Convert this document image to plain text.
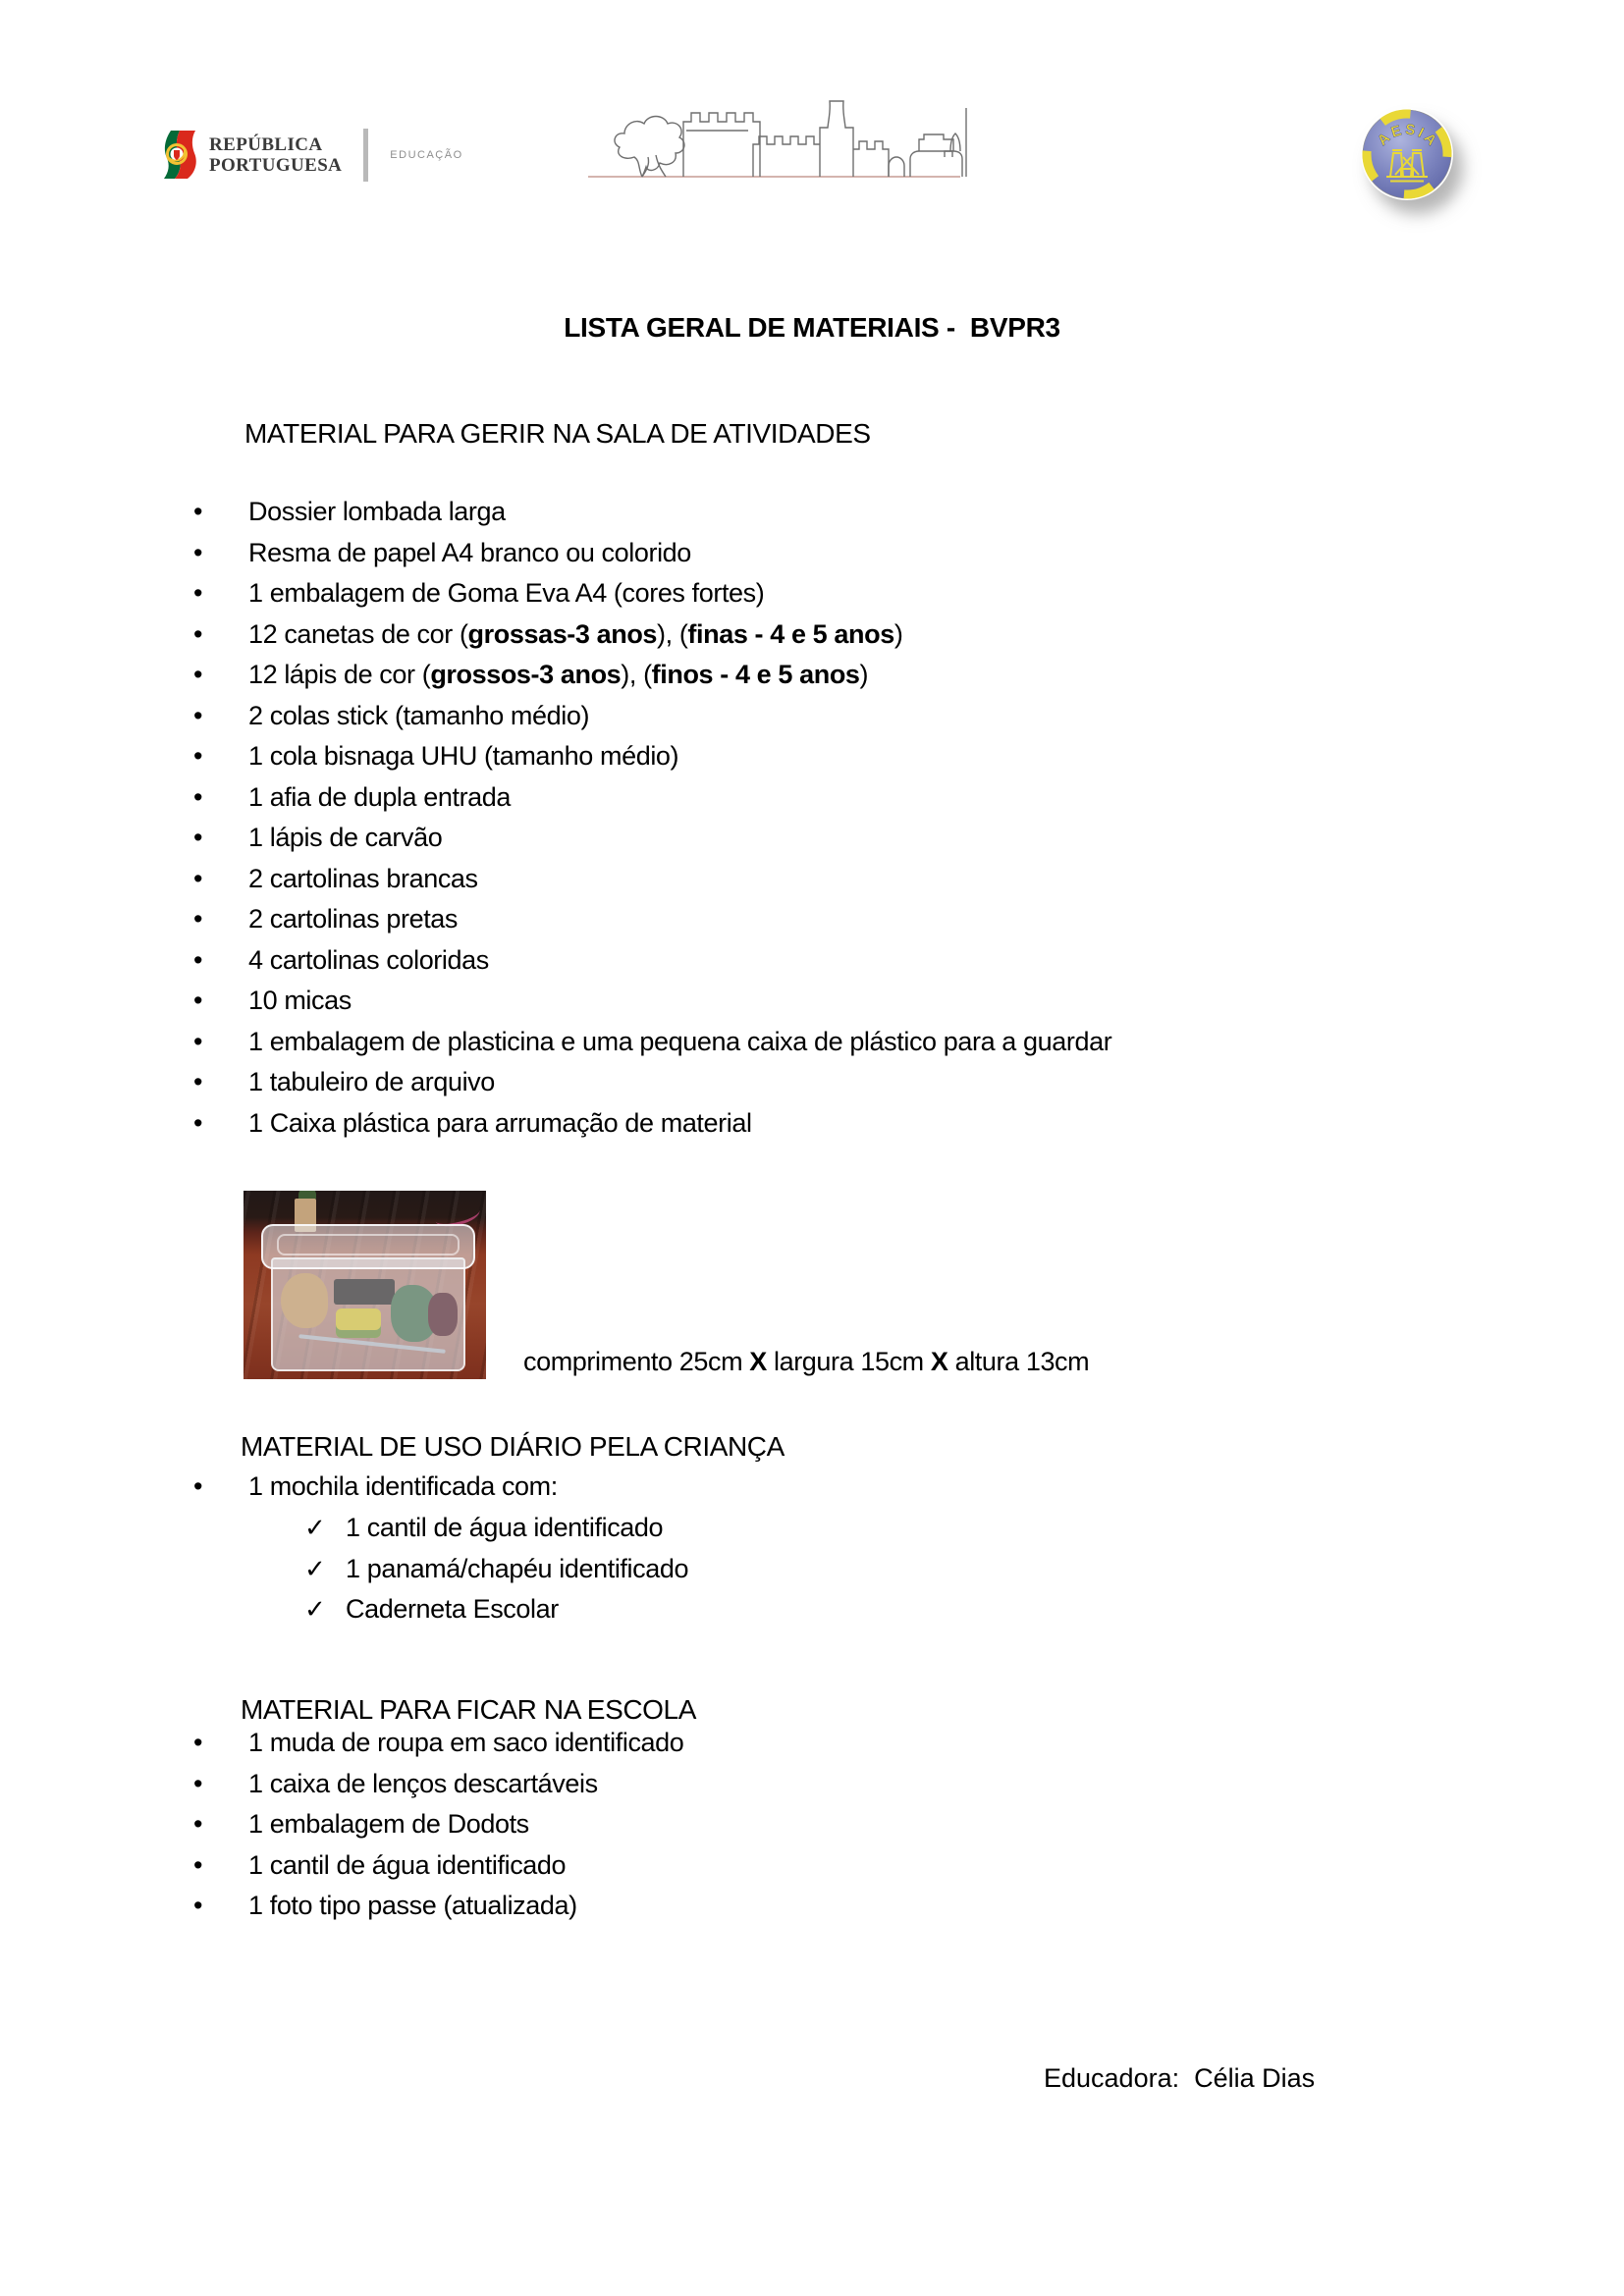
REPÚBLICA
PORTUGUESA	EDUCAÇÃO
AESIA
LISTA GERAL DE MATERIAIS -  BVPR3
MATERIAL PARA GERIR NA SALA DE ATIVIDADES
•	Dossier lombada larga
•	Resma de papel A4 branco ou colorido
•	1 embalagem de Goma Eva A4 (cores fortes)
•	12 canetas de cor (grossas-3 anos), (finas - 4 e 5 anos)
•	12 lápis de cor (grossos-3 anos), (finos - 4 e 5 anos)
•	2 colas stick (tamanho médio)
•	1 cola bisnaga UHU (tamanho médio)
•	1 afia de dupla entrada
•	1 lápis de carvão
•	2 cartolinas brancas
•	2 cartolinas pretas
•	4 cartolinas coloridas
•	10 micas
•	1 embalagem de plasticina e uma pequena caixa de plástico para a guardar
•	1 tabuleiro de arquivo
•	1 Caixa plástica para arrumação de material
comprimento 25cm X largura 15cm X altura 13cm
MATERIAL DE USO DIÁRIO PELA CRIANÇA
•	1 mochila identificada com:
✓ 1 cantil de água identificado
✓ 1 panamá/chapéu identificado
✓ Caderneta Escolar
MATERIAL PARA FICAR NA ESCOLA
•	1 muda de roupa em saco identificado
•	1 caixa de lenços descartáveis
•	1 embalagem de Dodots
•	1 cantil de água identificado
•	1 foto tipo passe (atualizada)

Educadora:  Célia Dias
